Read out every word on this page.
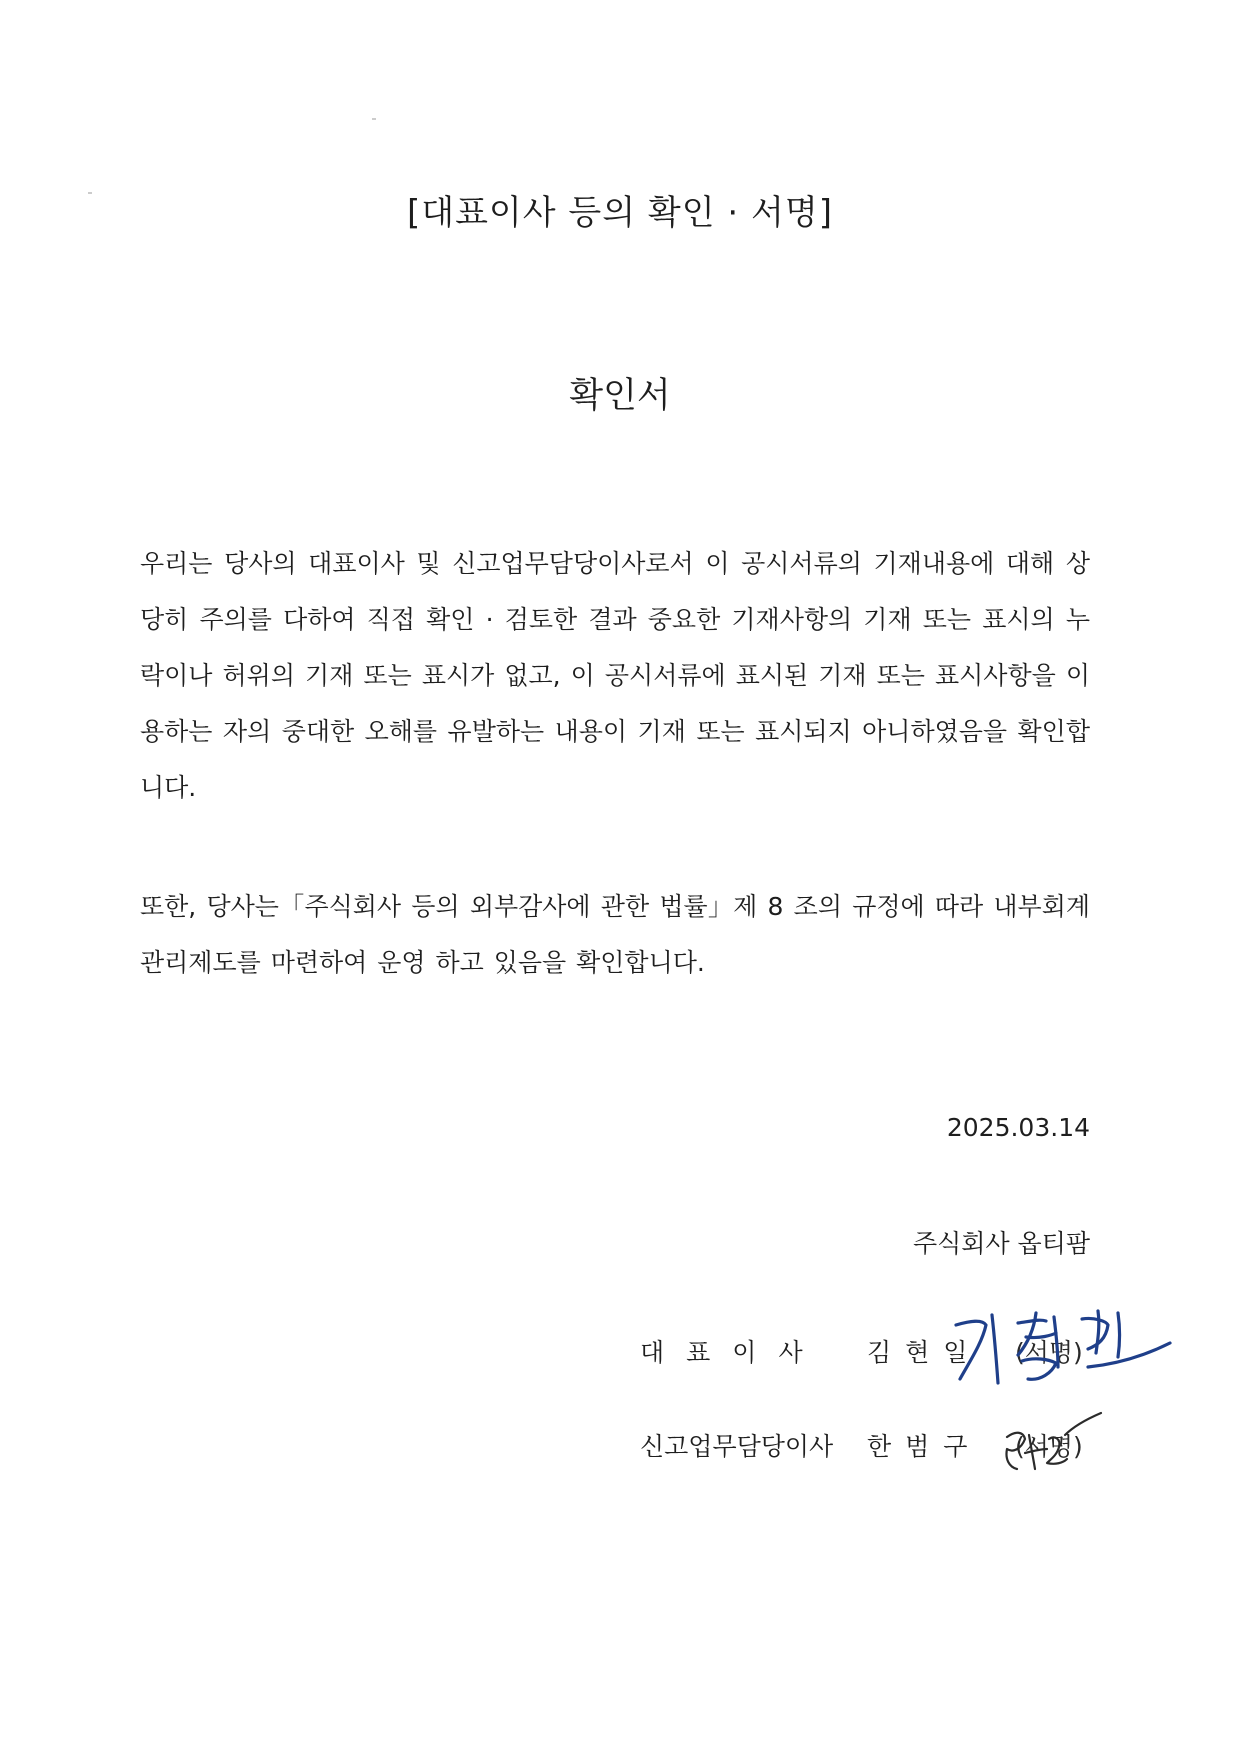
[대표이사 등의 확인 · 서명]
확인서
우리는 당사의 대표이사 및 신고업무담당이사로서 이 공시서류의 기재내용에 대해 상당히 주의를 다하여 직접 확인 · 검토한 결과 중요한 기재사항의 기재 또는 표시의 누락이나 허위의 기재 또는 표시가 없고, 이 공시서류에 표시된 기재 또는 표시사항을 이용하는 자의 중대한 오해를 유발하는 내용이 기재 또는 표시되지 아니하였음을 확인합니다.
또한, 당사는「주식회사 등의 외부감사에 관한 법률」제 8 조의 규정에 따라 내부회계관리제도를 마련하여 운영 하고 있음을 확인합니다.
2025.03.14
주식회사 옵티팜
대표이사	김현일 (서명)
신고업무담당이사 한범구 (서명)
